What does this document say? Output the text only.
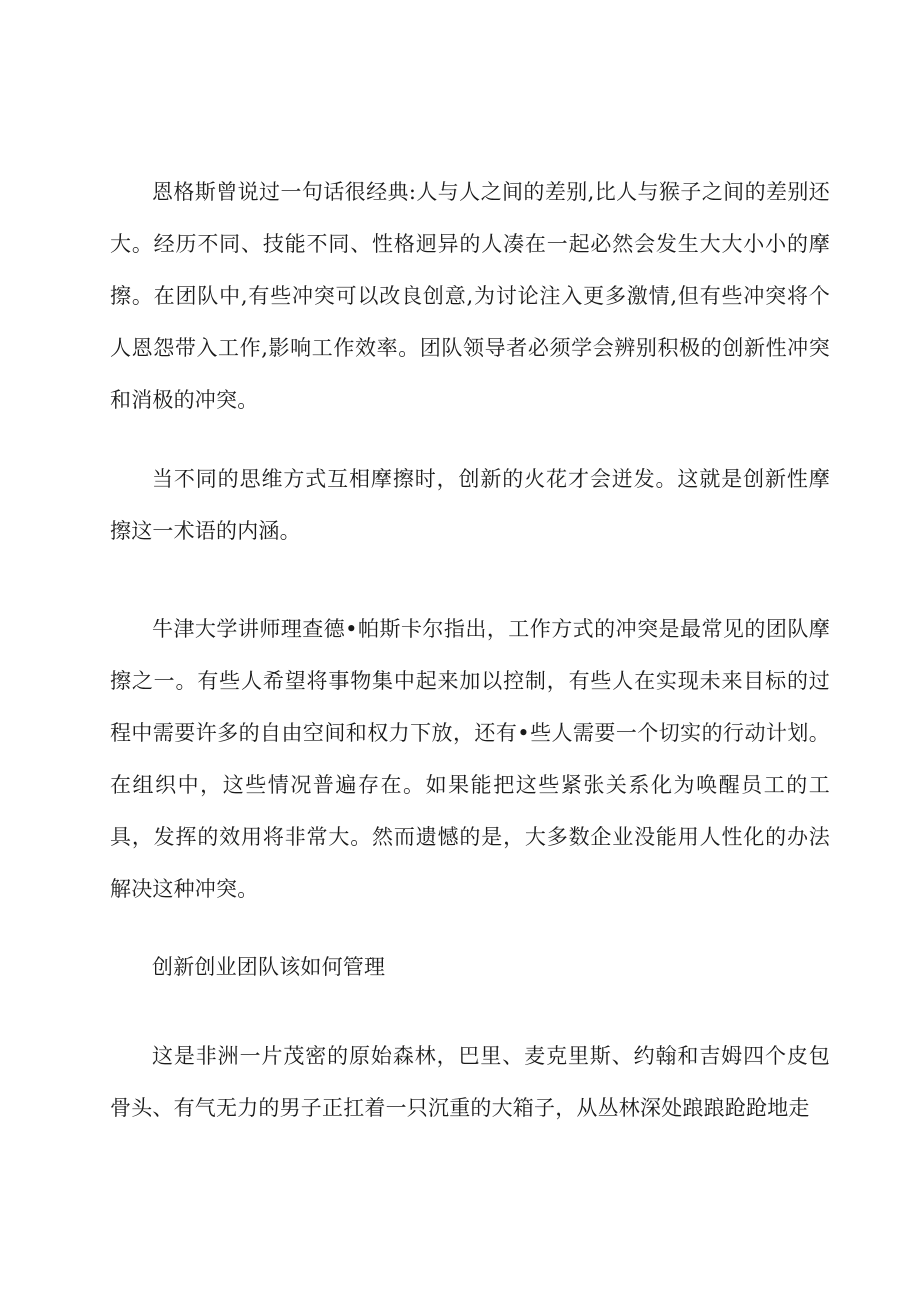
恩格斯曾说过一句话很经典:人与人之间的差别,比人与猴子之间的差别还大。经历不同、技能不同、性格迥异的人凑在一起必然会发生大大小小的摩擦。在团队中,有些冲突可以改良创意,为讨论注入更多激情,但有些冲突将个人恩怨带入工作,影响工作效率。团队领导者必须学会辨别积极的创新性冲突和消极的冲突。

当不同的思维方式互相摩擦时，创新的火花才会迸发。这就是创新性摩擦这一术语的内涵。

牛津大学讲师理查德•帕斯卡尔指出，工作方式的冲突是最常见的团队摩擦之一。有些人希望将事物集中起来加以控制，有些人在实现未来目标的过程中需要许多的自由空间和权力下放，还有•些人需要一个切实的行动计划。在组织中，这些情况普遍存在。如果能把这些紧张关系化为唤醒员工的工具，发挥的效用将非常大。然而遗憾的是，大多数企业没能用人性化的办法解决这种冲突。

创新创业团队该如何管理

这是非洲一片茂密的原始森林，巴里、麦克里斯、约翰和吉姆四个皮包骨头、有气无力的男子正扛着一只沉重的大箱子，从丛林深处踉踉跄跄地走
